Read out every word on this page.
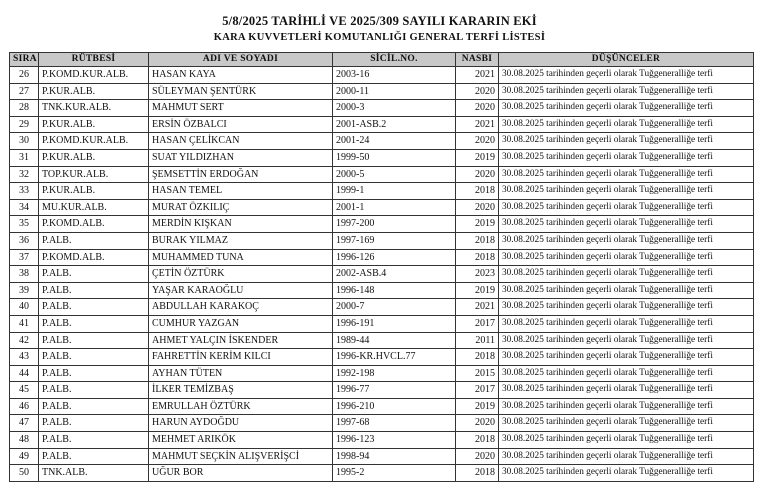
5/8/2025 TARİHLİ VE 2025/309 SAYILI KARARIN EKİ
KARA KUVVETLERİ KOMUTANLIĞI GENERAL TERFİ LİSTESİ
SIRA	RÜTBESİ	ADI VE SOYADI	SİCİL.NO.	NASBI	DÜŞÜNCELER
26	P.KOMD.KUR.ALB.	HASAN KAYA	2003-16	2021	30.08.2025 tarihinden geçerli olarak Tuğgeneralliğe terfi
27	P.KUR.ALB.	SÜLEYMAN ŞENTÜRK	2000-11	2020	30.08.2025 tarihinden geçerli olarak Tuğgeneralliğe terfi
28	TNK.KUR.ALB.	MAHMUT SERT	2000-3	2020	30.08.2025 tarihinden geçerli olarak Tuğgeneralliğe terfi
29	P.KUR.ALB.	ERSİN ÖZBALCI	2001-ASB.2	2021	30.08.2025 tarihinden geçerli olarak Tuğgeneralliğe terfi
30	P.KOMD.KUR.ALB.	HASAN ÇELİKCAN	2001-24	2020	30.08.2025 tarihinden geçerli olarak Tuğgeneralliğe terfi
31	P.KUR.ALB.	SUAT YILDIZHAN	1999-50	2019	30.08.2025 tarihinden geçerli olarak Tuğgeneralliğe terfi
32	TOP.KUR.ALB.	ŞEMSETTİN ERDOĞAN	2000-5	2020	30.08.2025 tarihinden geçerli olarak Tuğgeneralliğe terfi
33	P.KUR.ALB.	HASAN TEMEL	1999-1	2018	30.08.2025 tarihinden geçerli olarak Tuğgeneralliğe terfi
34	MU.KUR.ALB.	MURAT ÖZKILIÇ	2001-1	2020	30.08.2025 tarihinden geçerli olarak Tuğgeneralliğe terfi
35	P.KOMD.ALB.	MERDİN KIŞKAN	1997-200	2019	30.08.2025 tarihinden geçerli olarak Tuğgeneralliğe terfi
36	P.ALB.	BURAK YILMAZ	1997-169	2018	30.08.2025 tarihinden geçerli olarak Tuğgeneralliğe terfi
37	P.KOMD.ALB.	MUHAMMED TUNA	1996-126	2018	30.08.2025 tarihinden geçerli olarak Tuğgeneralliğe terfi
38	P.ALB.	ÇETİN ÖZTÜRK	2002-ASB.4	2023	30.08.2025 tarihinden geçerli olarak Tuğgeneralliğe terfi
39	P.ALB.	YAŞAR KARAOĞLU	1996-148	2019	30.08.2025 tarihinden geçerli olarak Tuğgeneralliğe terfi
40	P.ALB.	ABDULLAH KARAKOÇ	2000-7	2021	30.08.2025 tarihinden geçerli olarak Tuğgeneralliğe terfi
41	P.ALB.	CUMHUR YAZGAN	1996-191	2017	30.08.2025 tarihinden geçerli olarak Tuğgeneralliğe terfi
42	P.ALB.	AHMET YALÇIN İSKENDER	1989-44	2011	30.08.2025 tarihinden geçerli olarak Tuğgeneralliğe terfi
43	P.ALB.	FAHRETTİN KERİM KILCI	1996-KR.HVCL.77	2018	30.08.2025 tarihinden geçerli olarak Tuğgeneralliğe terfi
44	P.ALB.	AYHAN TÜTEN	1992-198	2015	30.08.2025 tarihinden geçerli olarak Tuğgeneralliğe terfi
45	P.ALB.	İLKER TEMİZBAŞ	1996-77	2017	30.08.2025 tarihinden geçerli olarak Tuğgeneralliğe terfi
46	P.ALB.	EMRULLAH ÖZTÜRK	1996-210	2019	30.08.2025 tarihinden geçerli olarak Tuğgeneralliğe terfi
47	P.ALB.	HARUN AYDOĞDU	1997-68	2020	30.08.2025 tarihinden geçerli olarak Tuğgeneralliğe terfi
48	P.ALB.	MEHMET ARIKÖK	1996-123	2018	30.08.2025 tarihinden geçerli olarak Tuğgeneralliğe terfi
49	P.ALB.	MAHMUT SEÇKİN ALIŞVERİŞCİ	1998-94	2020	30.08.2025 tarihinden geçerli olarak Tuğgeneralliğe terfi
50	TNK.ALB.	UĞUR BOR	1995-2	2018	30.08.2025 tarihinden geçerli olarak Tuğgeneralliğe terfi
